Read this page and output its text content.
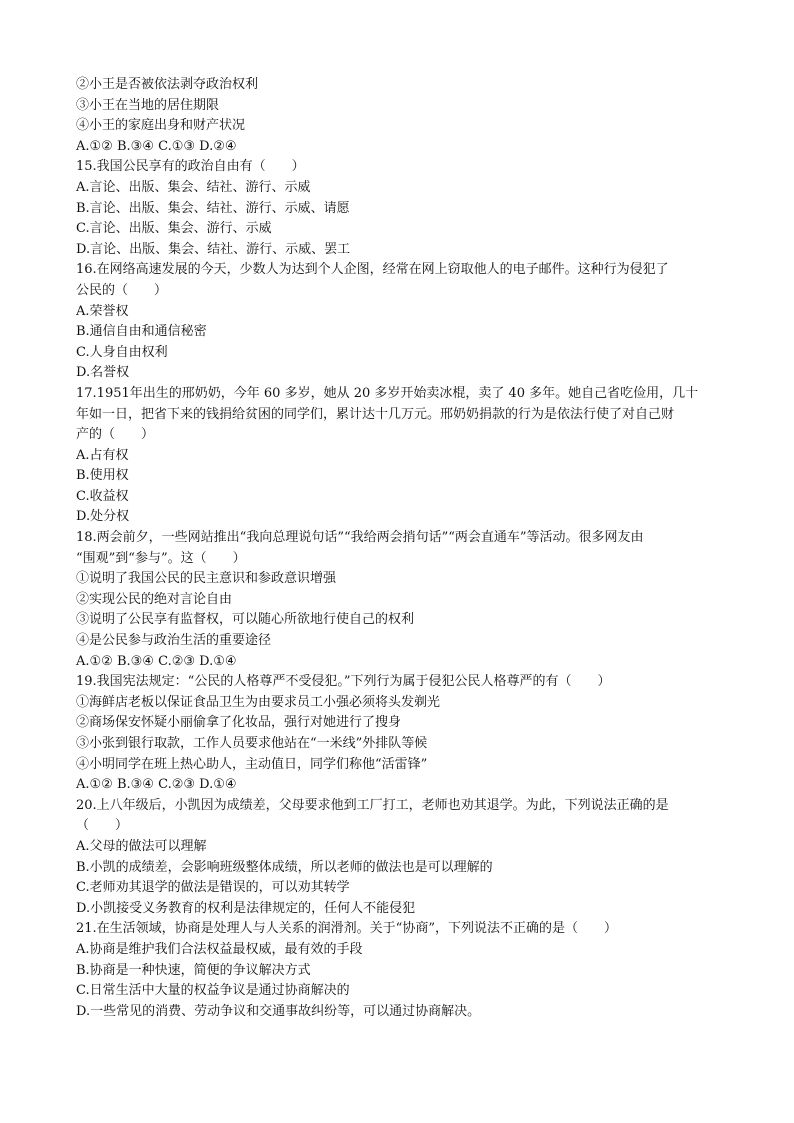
②小王是否被依法剥夺政治权利
③小王在当地的居住期限
④小王的家庭出身和财产状况
A.①② B.③④ C.①③ D.②④
15.我国公民享有的政治自由有（　　）
A.言论、出版、集会、结社、游行、示威
B.言论、出版、集会、结社、游行、示威、请愿
C.言论、出版、集会、游行、示威
D.言论、出版、集会、结社、游行、示威、罢工
16.在网络高速发展的今天，少数人为达到个人企图，经常在网上窃取他人的电子邮件。这种行为侵犯了
公民的（　　）
A.荣誉权
B.通信自由和通信秘密
C.人身自由权利
D.名誉权
17.1951年出生的邢奶奶，今年 60 多岁，她从 20 多岁开始卖冰棍，卖了 40 多年。她自己省吃俭用，几十
年如一日，把省下来的钱捐给贫困的同学们，累计达十几万元。邢奶奶捐款的行为是依法行使了对自己财
产的（　　）
A.占有权
B.使用权
C.收益权
D.处分权
18.两会前夕，一些网站推出“我向总理说句话”“我给两会捎句话”“两会直通车”等活动。很多网友由
“围观”到“参与”。这（　　）
①说明了我国公民的民主意识和参政意识增强
②实现公民的绝对言论自由
③说明了公民享有监督权，可以随心所欲地行使自己的权利
④是公民参与政治生活的重要途径
A.①② B.③④ C.②③ D.①④
19.我国宪法规定：“公民的人格尊严不受侵犯。”下列行为属于侵犯公民人格尊严的有（　　）
①海鲜店老板以保证食品卫生为由要求员工小强必须将头发剃光
②商场保安怀疑小丽偷拿了化妆品，强行对她进行了搜身
③小张到银行取款，工作人员要求他站在“一米线”外排队等候
④小明同学在班上热心助人，主动值日，同学们称他“活雷锋”
A.①② B.③④ C.②③ D.①④
20.上八年级后，小凯因为成绩差，父母要求他到工厂打工，老师也劝其退学。为此，下列说法正确的是
（　　）
A.父母的做法可以理解
B.小凯的成绩差，会影响班级整体成绩，所以老师的做法也是可以理解的
C.老师劝其退学的做法是错误的，可以劝其转学
D.小凯接受义务教育的权利是法律规定的，任何人不能侵犯
21.在生活领域，协商是处理人与人关系的润滑剂。关于“协商”，下列说法不正确的是（　　）
A.协商是维护我们合法权益最权威，最有效的手段
B.协商是一种快速，简便的争议解决方式
C.日常生活中大量的权益争议是通过协商解决的
D.一些常见的消费、劳动争议和交通事故纠纷等，可以通过协商解决。
